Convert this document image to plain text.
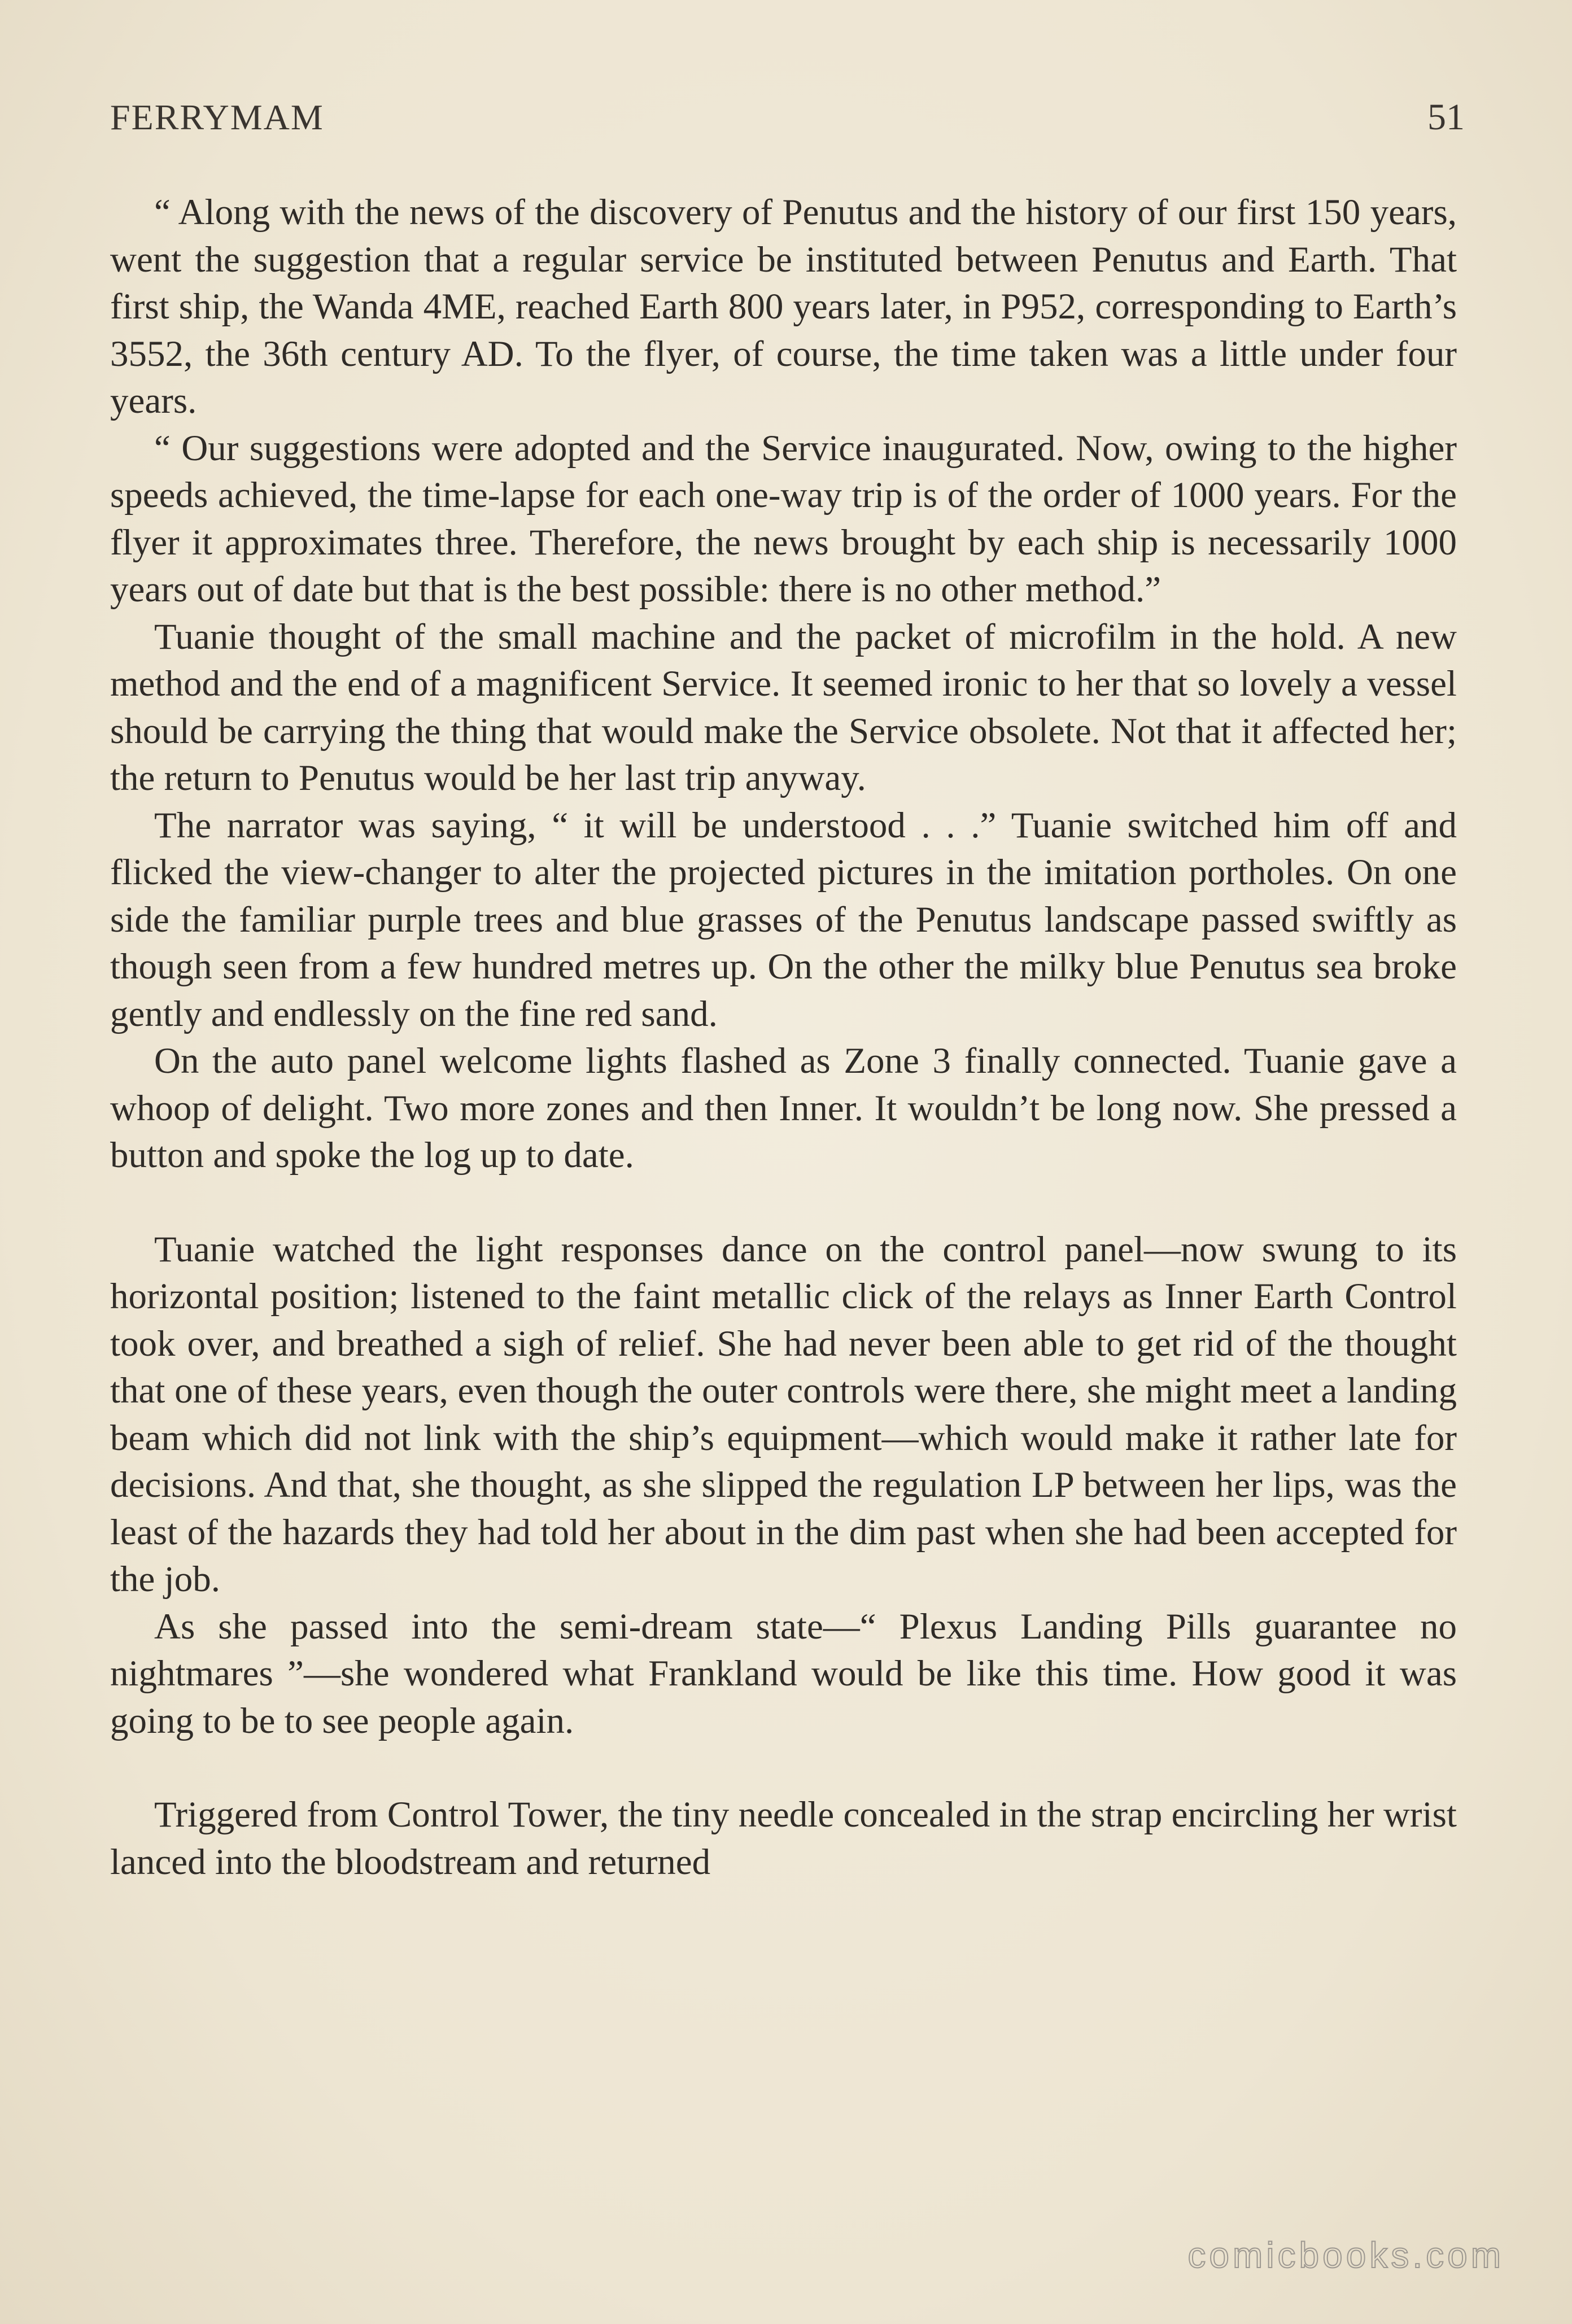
FERRYMAM	51

“ Along with the news of the discovery of Penutus and the history of our first 150 years, went the suggestion that a regular service be instituted between Penutus and Earth. That first ship, the Wanda 4ME, reached Earth 800 years later, in P952, corresponding to Earth’s 3552, the 36th century AD. To the flyer, of course, the time taken was a little under four years.

“ Our suggestions were adopted and the Service inaugurated. Now, owing to the higher speeds achieved, the time-lapse for each one-way trip is of the order of 1000 years. For the flyer it approximates three. Therefore, the news brought by each ship is necessarily 1000 years out of date but that is the best possible: there is no other method.”

Tuanie thought of the small machine and the packet of microfilm in the hold. A new method and the end of a magnificent Service. It seemed ironic to her that so lovely a vessel should be carrying the thing that would make the Service obsolete. Not that it affected her; the return to Penutus would be her last trip anyway.

The narrator was saying, “ it will be understood . . .” Tuanie switched him off and flicked the view-changer to alter the projected pictures in the imitation portholes. On one side the familiar purple trees and blue grasses of the Penutus landscape passed swiftly as though seen from a few hundred metres up. On the other the milky blue Penutus sea broke gently and endlessly on the fine red sand.

On the auto panel welcome lights flashed as Zone 3 finally connected. Tuanie gave a whoop of delight. Two more zones and then Inner. It wouldn’t be long now. She pressed a button and spoke the log up to date.

Tuanie watched the light responses dance on the control panel—now swung to its horizontal position; listened to the faint metallic click of the relays as Inner Earth Control took over, and breathed a sigh of relief. She had never been able to get rid of the thought that one of these years, even though the outer controls were there, she might meet a landing beam which did not link with the ship’s equipment—which would make it rather late for decisions. And that, she thought, as she slipped the regulation LP between her lips, was the least of the hazards they had told her about in the dim past when she had been accepted for the job.

As she passed into the semi-dream state—“ Plexus Landing Pills guarantee no nightmares ”—she wondered what Frankland would be like this time. How good it was going to be to see people again.

Triggered from Control Tower, the tiny needle concealed in the strap encircling her wrist lanced into the bloodstream and returned

comicbooks.com
